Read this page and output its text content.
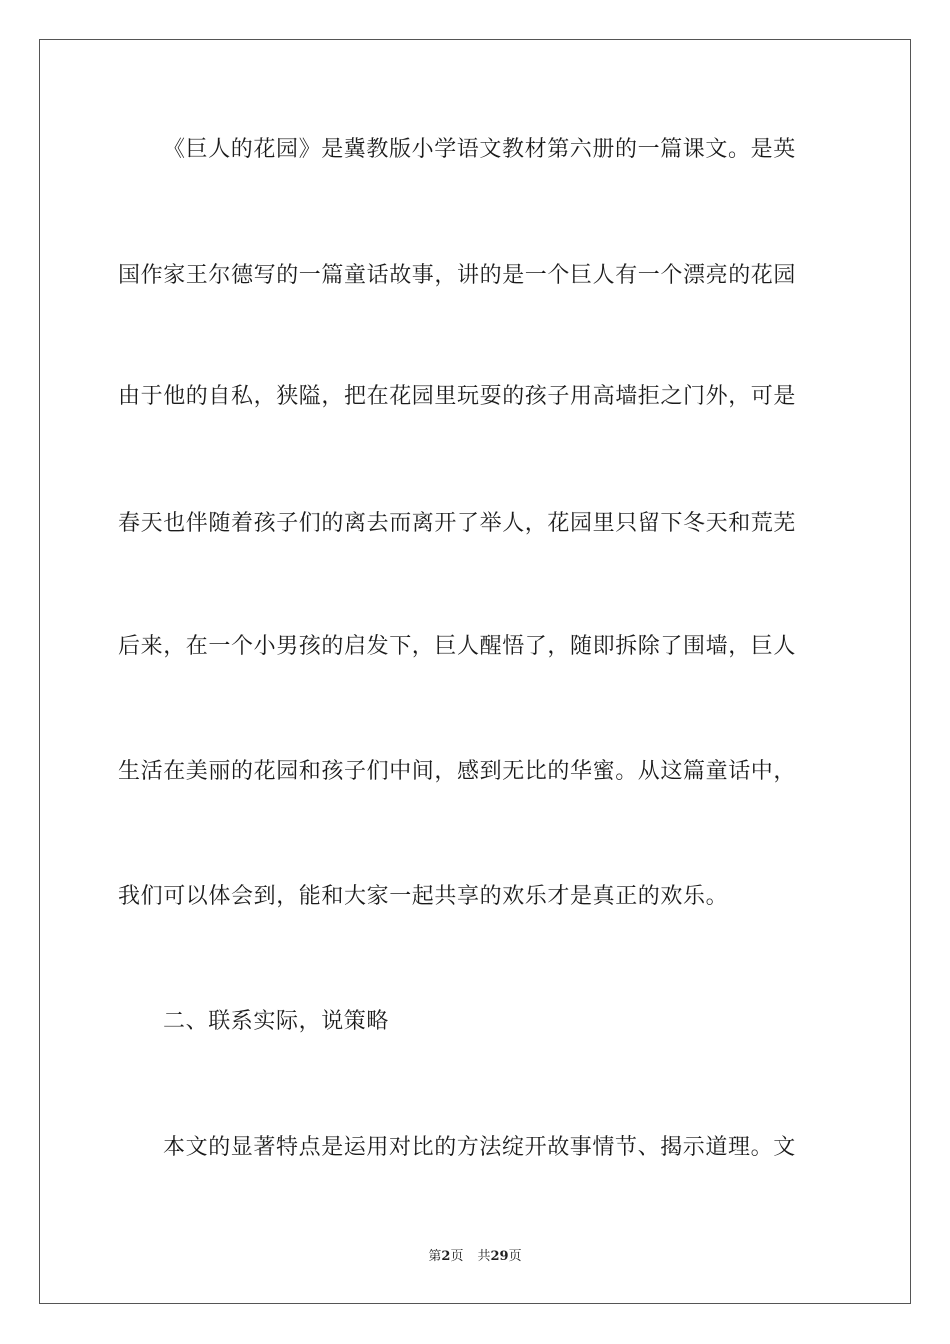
《巨人的花园》是冀教版小学语文教材第六册的一篇课文。是英
国作家王尔德写的一篇童话故事，讲的是一个巨人有一个漂亮的花园
由于他的自私，狭隘，把在花园里玩耍的孩子用高墙拒之门外，可是
春天也伴随着孩子们的离去而离开了举人，花园里只留下冬天和荒芜
后来，在一个小男孩的启发下，巨人醒悟了，随即拆除了围墙，巨人
生活在美丽的花园和孩子们中间，感到无比的华蜜。从这篇童话中，
我们可以体会到，能和大家一起共享的欢乐才是真正的欢乐。
二、联系实际，说策略
本文的显著特点是运用对比的方法绽开故事情节、揭示道理。文
第2页 共29页
